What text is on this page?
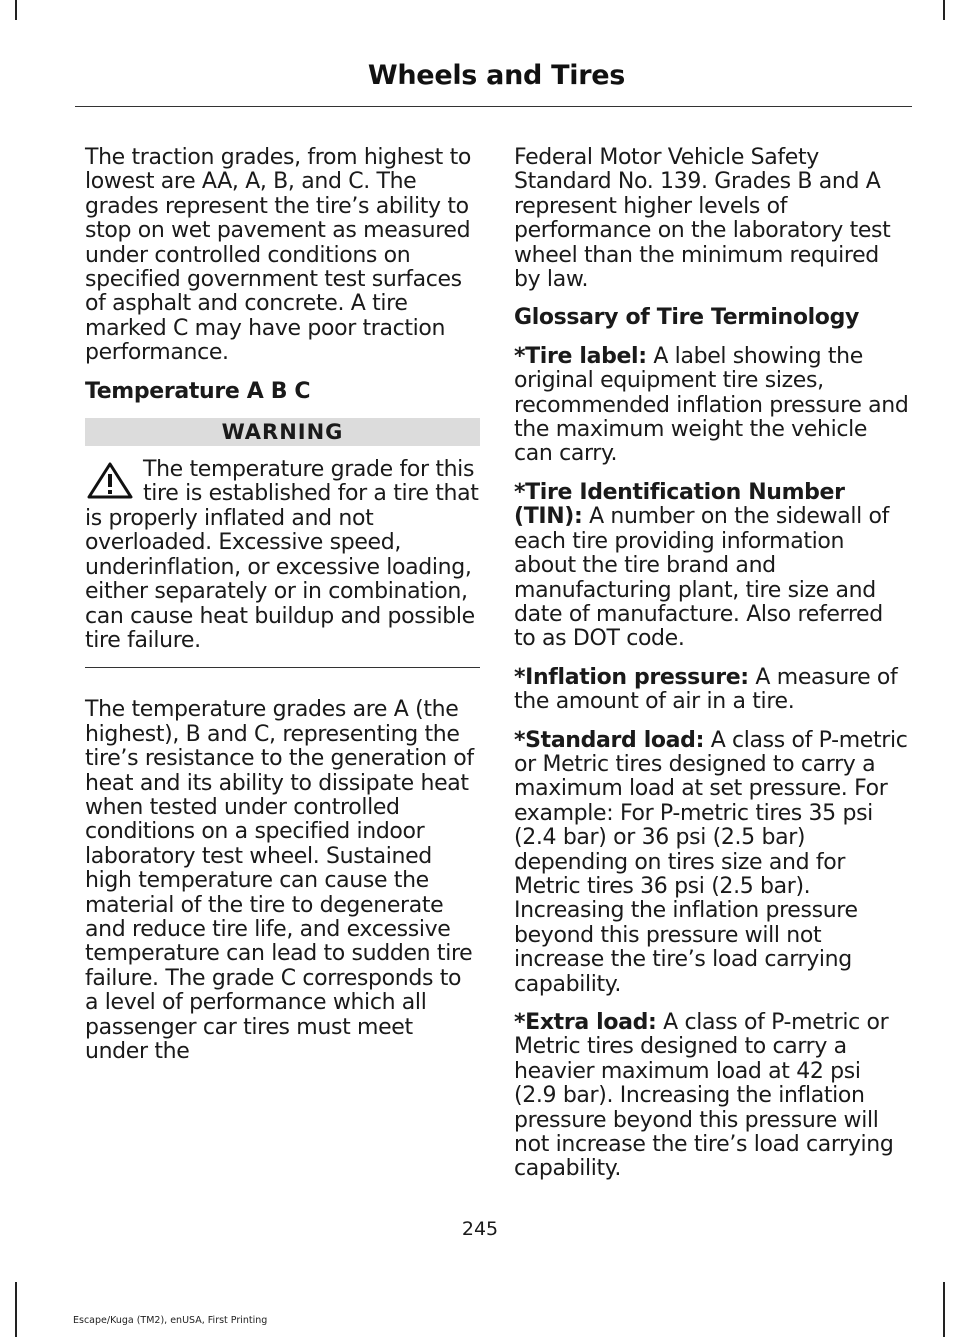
Wheels and Tires

The traction grades, from highest to lowest are AA, A, B, and C. The grades represent the tire’s ability to stop on wet pavement as measured under controlled conditions on specified government test surfaces of asphalt and concrete. A tire marked C may have poor traction performance.

Temperature A B C

WARNING

The temperature grade for this tire is established for a tire that is properly inflated and not overloaded. Excessive speed, underinflation, or excessive loading, either separately or in combination, can cause heat buildup and possible tire failure.

The temperature grades are A (the highest), B and C, representing the tire’s resistance to the generation of heat and its ability to dissipate heat when tested under controlled conditions on a specified indoor laboratory test wheel. Sustained high temperature can cause the material of the tire to degenerate and reduce tire life, and excessive temperature can lead to sudden tire failure. The grade C corresponds to a level of performance which all passenger car tires must meet under the

Federal Motor Vehicle Safety Standard No. 139. Grades B and A represent higher levels of performance on the laboratory test wheel than the minimum required by law.

Glossary of Tire Terminology

*Tire label: A label showing the original equipment tire sizes, recommended inflation pressure and the maximum weight the vehicle can carry.

*Tire Identification Number (TIN): A number on the sidewall of each tire providing information about the tire brand and manufacturing plant, tire size and date of manufacture. Also referred to as DOT code.

*Inflation pressure: A measure of the amount of air in a tire.

*Standard load: A class of P-metric or Metric tires designed to carry a maximum load at set pressure. For example: For P-metric tires 35 psi (2.4 bar) or 36 psi (2.5 bar) depending on tires size and for Metric tires 36 psi (2.5 bar). Increasing the inflation pressure beyond this pressure will not increase the tire’s load carrying capability.

*Extra load: A class of P-metric or Metric tires designed to carry a heavier maximum load at 42 psi (2.9 bar). Increasing the inflation pressure beyond this pressure will not increase the tire’s load carrying capability.

245
Escape/Kuga (TM2), enUSA, First Printing
